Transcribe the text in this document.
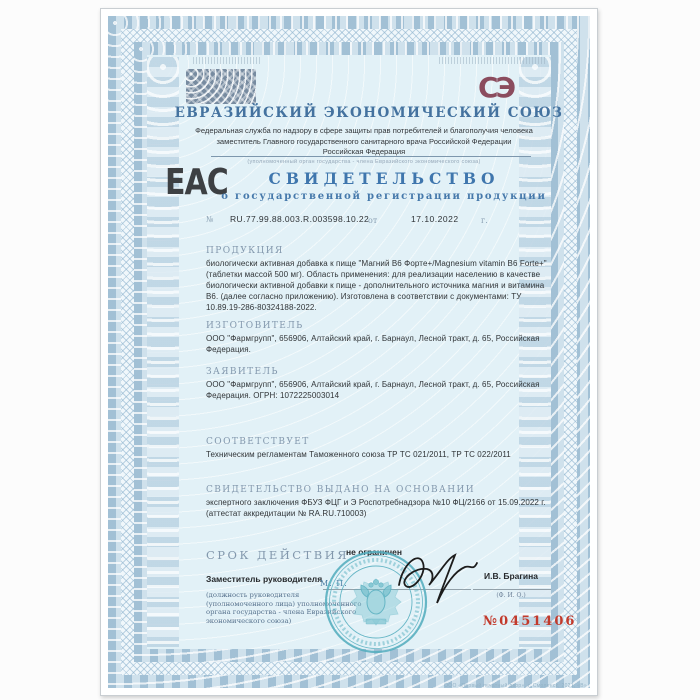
СЭ
ЕВРАЗИЙСКИЙ ЭКОНОМИЧЕСКИЙ СОЮЗ
Федеральная служба по надзору в сфере защиты прав потребителей и благополучия человека
заместитель Главного государственного санитарного врача Российской Федерации
Российская Федерация
(уполномоченный орган государства - члена Евразийского экономического союза)
ЕАС	СВИДЕТЕЛЬСТВО
о государственной регистрации продукции
№ RU.77.99.88.003.R.003598.10.22
от	17.10.2022	г.
ПРОДУКЦИЯ
биологически активная добавка к пище "Магний В6 Форте+/Magnesium vitamin B6 Forte+" (таблетки массой 500 мг). Область применения: для реализации населению в качестве биологически активной добавки к пище - дополнительного источника магния и витамина В6. (далее согласно приложению). Изготовлена в соответствии с документами: ТУ 10.89.19-286-80324188-2022.
ИЗГОТОВИТЕЛЬ
ООО "Фармгрупп", 656906, Алтайский край, г. Барнаул, Лесной тракт, д. 65, Российская Федерация.
ЗАЯВИТЕЛЬ
ООО "Фармгрупп", 656906, Алтайский край, г. Барнаул, Лесной тракт, д. 65, Российская Федерация. ОГРН: 1072225003014
СООТВЕТСТВУЕТ
Техническим регламентам Таможенного союза ТР ТС 021/2011, ТР ТС 022/2011
СВИДЕТЕЛЬСТВО ВЫДАНО НА ОСНОВАНИИ
экспертного заключения ФБУЗ ФЦГ и Э Роспотребнадзора №10 ФЦ/2166 от 15.09.2022 г. (аттестат аккредитации № RA.RU.710003)
СРОК ДЕЙСТВИЯ
не ограничен
Заместитель руководителя	И.В. Брагина
(Ф. И. О.)
(должность руководителя (уполномоченного лица) уполномоченного органа государства - члена Евразийского экономического союза)
М. П.
№0451406
ООО «Первый печатный двор», г. Смоленск, 2021, «В»
